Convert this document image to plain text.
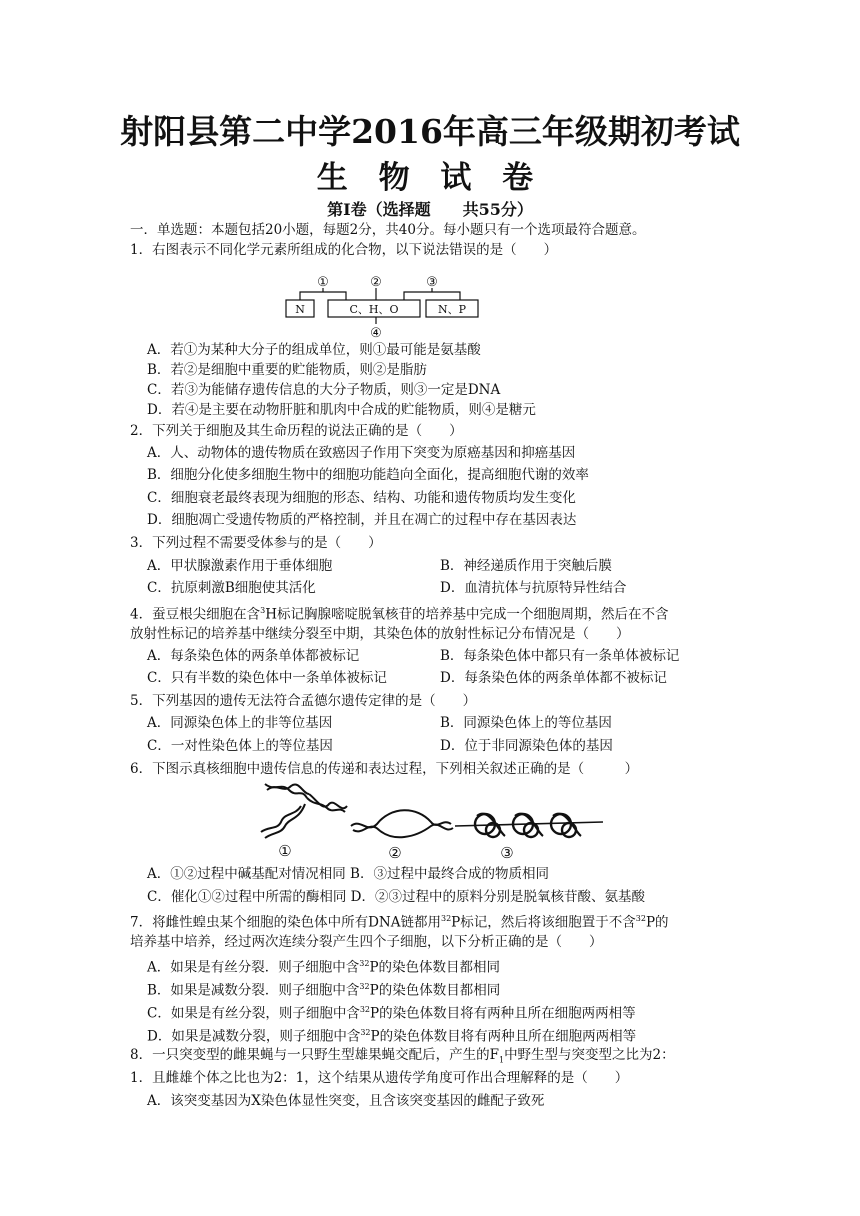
射阳县第二中学2016年高三年级期初考试
生 物 试 卷
第Ⅰ卷（选择题　　共55分）
一．单选题：本题包括20小题，每题2分，共40分。每小题只有一个选项最符合题意。
1．右图表示不同化学元素所组成的化合物，以下说法错误的是（　　）
N	C、H、O	N、P
①	②	③
④
A．若①为某种大分子的组成单位，则①最可能是氨基酸
B．若②是细胞中重要的贮能物质，则②是脂肪
C．若③为能储存遗传信息的大分子物质，则③一定是DNA
D．若④是主要在动物肝脏和肌肉中合成的贮能物质，则④是糖元
2．下列关于细胞及其生命历程的说法正确的是（　　）
A．人、动物体的遗传物质在致癌因子作用下突变为原癌基因和抑癌基因
B．细胞分化使多细胞生物中的细胞功能趋向全面化，提高细胞代谢的效率
C．细胞衰老最终表现为细胞的形态、结构、功能和遗传物质均发生变化
D．细胞凋亡受遗传物质的严格控制，并且在凋亡的过程中存在基因表达
3．下列过程不需要受体参与的是（　　）
A．甲状腺激素作用于垂体细胞	B．神经递质作用于突触后膜
C．抗原刺激B细胞使其活化	D．血清抗体与抗原特异性结合
4．蚕豆根尖细胞在含$^3$H标记胸腺嘧啶脱氧核苷的培养基中完成一个细胞周期，然后在不含
放射性标记的培养基中继续分裂至中期，其染色体的放射性标记分布情况是（　　）
A．每条染色体的两条单体都被标记	B．每条染色体中都只有一条单体被标记
C．只有半数的染色体中一条单体被标记	D．每条染色体的两条单体都不被标记
5．下列基因的遗传无法符合孟德尔遗传定律的是（　　）
A．同源染色体上的非等位基因	B．同源染色体上的等位基因
C．一对性染色体上的等位基因	D．位于非同源染色体的基因
6．下图示真核细胞中遗传信息的传递和表达过程，下列相关叙述正确的是（　　　）
①	②	③
A．①②过程中碱基配对情况相同 B．③过程中最终合成的物质相同
C．催化①②过程中所需的酶相同 D．②③过程中的原料分别是脱氧核苷酸、氨基酸
7．将雌性蝗虫某个细胞的染色体中所有DNA链都用$^{32}$P标记，然后将该细胞置于不含$^{32}$P的
培养基中培养，经过两次连续分裂产生四个子细胞，以下分析正确的是（　　）
A．如果是有丝分裂．则子细胞中含$^{32}$P的染色体数目都相同
B．如果是减数分裂．则子细胞中含$^{32}$P的染色体数目都相同
C．如果是有丝分裂，则子细胞中含$^{32}$P的染色体数目将有两种且所在细胞两两相等
D．如果是减数分裂，则子细胞中含$^{32}$P的染色体数目将有两种且所在细胞两两相等
8．一只突变型的雌果蝇与一只野生型雄果蝇交配后，产生的$F_1$中野生型与突变型之比为2：
1．且雌雄个体之比也为2：1，这个结果从遗传学角度可作出合理解释的是（　　）
A．该突变基因为X染色体显性突变，且含该突变基因的雌配子致死
